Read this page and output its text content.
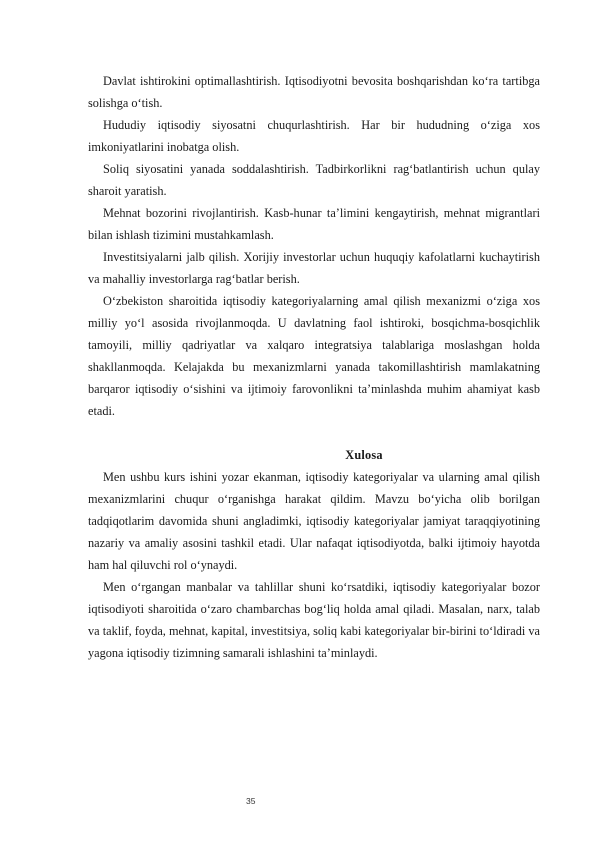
Davlat ishtirokini optimallashtirish. Iqtisodiyotni bevosita boshqarishdan ko‘ra tartibga solishga o‘tish.

Hududiy iqtisodiy siyosatni chuqurlashtirish. Har bir hududning o‘ziga xos imkoniyatlarini inobatga olish.

Soliq siyosatini yanada soddalashtirish. Tadbirkorlikni rag‘batlantirish uchun qulay sharoit yaratish.

Mehnat bozorini rivojlantirish. Kasb-hunar ta’limini kengaytirish, mehnat migrantlari bilan ishlash tizimini mustahkamlash.

Investitsiyalarni jalb qilish. Xorijiy investorlar uchun huquqiy kafolatlarni kuchaytirish va mahalliy investorlarga rag‘batlar berish.

O‘zbekiston sharoitida iqtisodiy kategoriyalarning amal qilish mexanizmi o‘ziga xos milliy yo‘l asosida rivojlanmoqda. U davlatning faol ishtiroki, bosqichma-bosqichlik tamoyili, milliy qadriyatlar va xalqaro integratsiya talablariga moslashgan holda shakllanmoqda. Kelajakda bu mexanizmlarni yanada takomillashtirish mamlakatning barqaror iqtisodiy o‘sishini va ijtimoiy farovonlikni ta’minlashda muhim ahamiyat kasb etadi.

Xulosa

Men ushbu kurs ishini yozar ekanman, iqtisodiy kategoriyalar va ularning amal qilish mexanizmlarini chuqur o‘rganishga harakat qildim. Mavzu bo‘yicha olib borilgan tadqiqotlarim davomida shuni angladimki, iqtisodiy kategoriyalar jamiyat taraqqiyotining nazariy va amaliy asosini tashkil etadi. Ular nafaqat iqtisodiyotda, balki ijtimoiy hayotda ham hal qiluvchi rol o‘ynaydi.

Men o‘rgangan manbalar va tahlillar shuni ko‘rsatdiki, iqtisodiy kategoriyalar bozor iqtisodiyoti sharoitida o‘zaro chambarchas bog‘liq holda amal qiladi. Masalan, narx, talab va taklif, foyda, mehnat, kapital, investitsiya, soliq kabi kategoriyalar bir-birini to‘ldiradi va yagona iqtisodiy tizimning samarali ishlashini ta’minlaydi.

35
